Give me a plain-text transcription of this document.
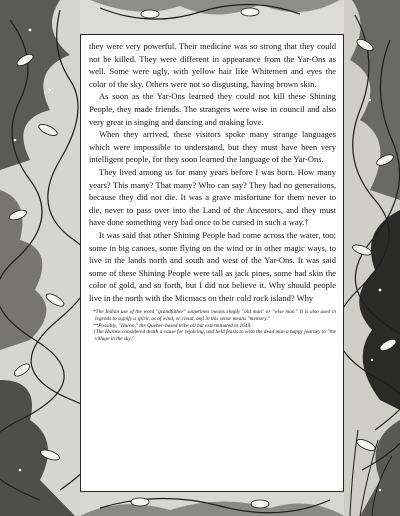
they were very powerful. Their medicine was so strong that they could not be killed. They were different in appearance from the Yar-Ons as well. Some were ugly, with yellow hair like Whitemen and eyes the color of the sky. Others were not so disgusting, having brown skin.

As soon as the Yar-Ons learned they could not kill these Shining People, they made friends. The strangers were wise in council and also very great in singing and dancing and making love.

When they arrived, these visitors spoke many strange languages which were impossible to understand, but they must have been very intelligent people, for they soon learned the language of the Yar-Ons.

They lived among us for many years before I was born. How many years? This many? That many? Who can say? They had no generations, because they did not die. It was a grave misfortune for them never to die, never to pass over into the Land of the Ancestors, and they must have done something very bad once to be cursed in such a way.†

It was said that other Shining People had come across the water, too; some in big canoes, some flying on the wind or in other magic ways, to live in the lands north and south and west of the Yar-Ons. It was said some of these Shining People were tall as jack pines, some had skin the color of gold, and so forth, but I did not believe it. Why should people live in the north with the Micmacs on their cold rock island? Why

*The Indian use of the word "grandfather" sometimes means simply "old man" or "wise man." It is also used in legends to signify a spirit, as of wind, or cloud, and in this sense means "memory."

**Possibly, "Huron," the Quebec-based tribe all but exterminated in 1649.

†The Hurons considered death a cause for rejoicing, and held feasts to wish the dead man a happy journey to "the village in the sky."
